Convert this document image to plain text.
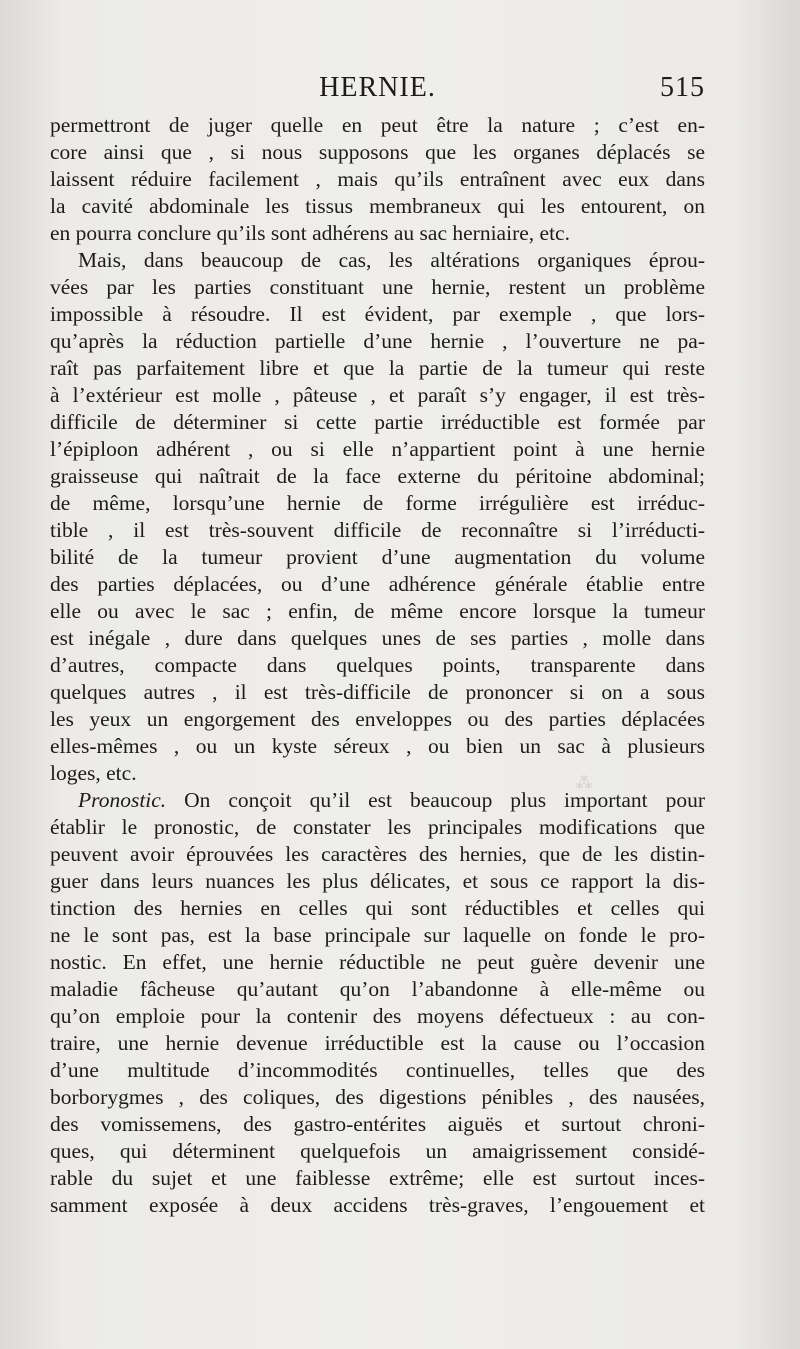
HERNIE.	515
⁂
permettront de juger quelle en peut être la nature ; c’est en-
core ainsi que , si nous supposons que les organes déplacés se
laissent réduire facilement , mais qu’ils entraînent avec eux dans
la cavité abdominale les tissus membraneux qui les entourent, on
en pourra conclure qu’ils sont adhérens au sac herniaire, etc.
Mais, dans beaucoup de cas, les altérations organiques éprou-
vées par les parties constituant une hernie, restent un problème
impossible à résoudre. Il est évident, par exemple , que lors-
qu’après la réduction partielle d’une hernie , l’ouverture ne pa-
raît pas parfaitement libre et que la partie de la tumeur qui reste
à l’extérieur est molle , pâteuse , et paraît s’y engager, il est très-
difficile de déterminer si cette partie irréductible est formée par
l’épiploon adhérent , ou si elle n’appartient point à une hernie
graisseuse qui naîtrait de la face externe du péritoine abdominal;
de même, lorsqu’une hernie de forme irrégulière est irréduc-
tible , il est très-souvent difficile de reconnaître si l’irréducti-
bilité de la tumeur provient d’une augmentation du volume
des parties déplacées, ou d’une adhérence générale établie entre
elle ou avec le sac ; enfin, de même encore lorsque la tumeur
est inégale , dure dans quelques unes de ses parties , molle dans
d’autres, compacte dans quelques points, transparente dans
quelques autres , il est très-difficile de prononcer si on a sous
les yeux un engorgement des enveloppes ou des parties déplacées
elles-mêmes , ou un kyste séreux , ou bien un sac à plusieurs
loges, etc.
Pronostic. On conçoit qu’il est beaucoup plus important pour
établir le pronostic, de constater les principales modifications que
peuvent avoir éprouvées les caractères des hernies, que de les distin-
guer dans leurs nuances les plus délicates, et sous ce rapport la dis-
tinction des hernies en celles qui sont réductibles et celles qui
ne le sont pas, est la base principale sur laquelle on fonde le pro-
nostic. En effet, une hernie réductible ne peut guère devenir une
maladie fâcheuse qu’autant qu’on l’abandonne à elle-même ou
qu’on emploie pour la contenir des moyens défectueux : au con-
traire, une hernie devenue irréductible est la cause ou l’occasion
d’une multitude d’incommodités continuelles, telles que des
borborygmes , des coliques, des digestions pénibles , des nausées,
des vomissemens, des gastro-entérites aiguës et surtout chroni-
ques, qui déterminent quelquefois un amaigrissement considé-
rable du sujet et une faiblesse extrême; elle est surtout inces-
samment exposée à deux accidens très-graves, l’engouement et
